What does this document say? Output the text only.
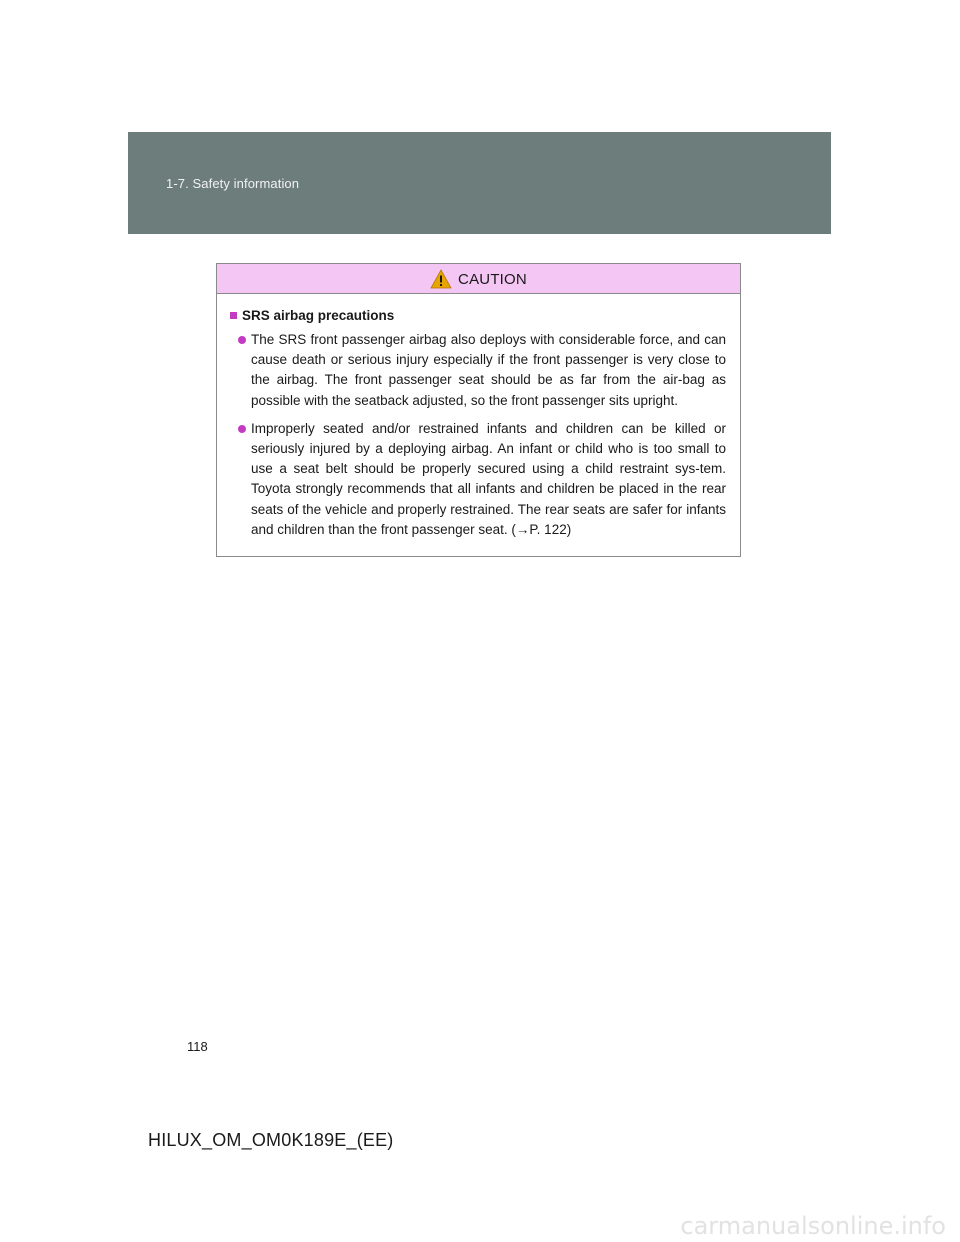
1-7. Safety information
CAUTION
SRS airbag precautions
The SRS front passenger airbag also deploys with considerable force, and can cause death or serious injury especially if the front passenger is very close to the airbag. The front passenger seat should be as far from the air-bag as possible with the seatback adjusted, so the front passenger sits upright.
Improperly seated and/or restrained infants and children can be killed or seriously injured by a deploying airbag. An infant or child who is too small to use a seat belt should be properly secured using a child restraint sys-tem. Toyota strongly recommends that all infants and children be placed in the rear seats of the vehicle and properly restrained. The rear seats are safer for infants and children than the front passenger seat. (→P. 122)
118
HILUX_OM_OM0K189E_(EE)
carmanualsonline.info
